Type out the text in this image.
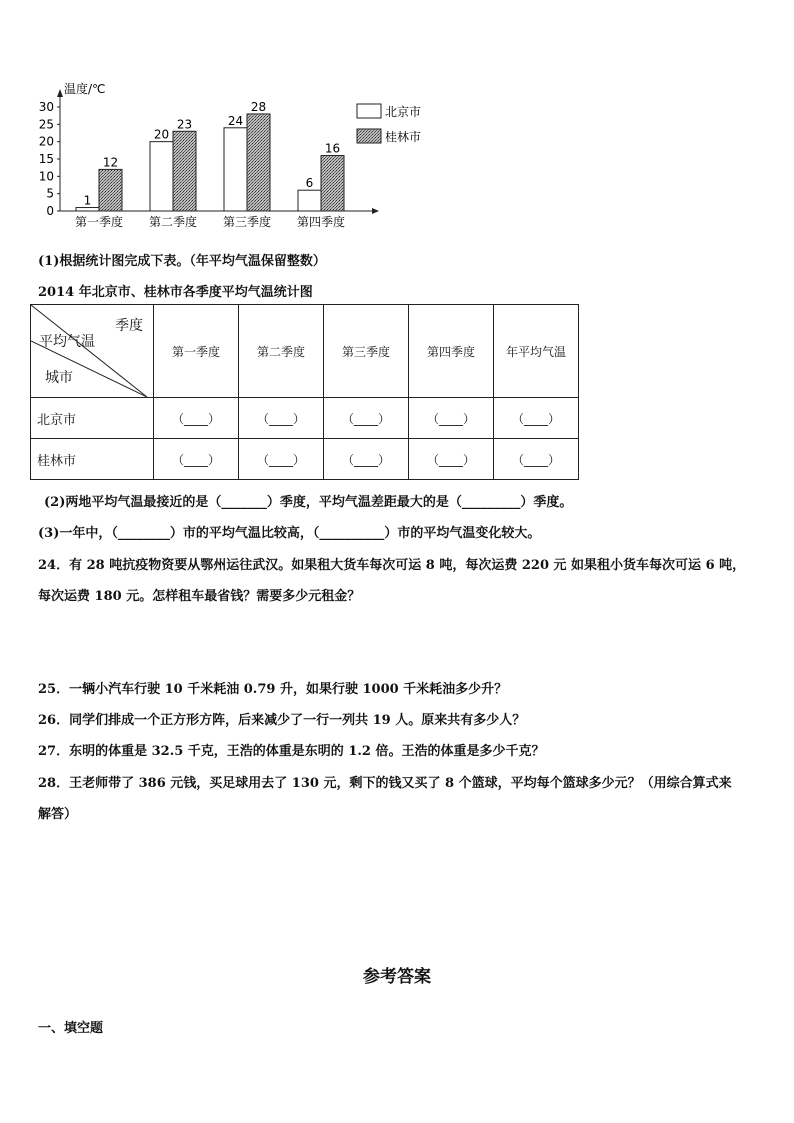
温度/℃
0
5
10
15
20
25
30
1
12
第一季度
20
23
第二季度
24
28
第三季度
6
16
第四季度
北京市
桂林市
(1)根据统计图完成下表。（年平均气温保留整数）
2014 年北京市、桂林市各季度平均气温统计图
季度
平均气温
城市	第一季度	第二季度	第三季度	第四季度	年平均气温
北京市	（____）	（____）	（____）	（____）	（____）
桂林市	（____）	（____）	（____）	（____）	（____）
(2)两地平均气温最接近的是（_______）季度，平均气温差距最大的是（_________）季度。
(3)一年中，（________）市的平均气温比较高，（__________）市的平均气温变化较大。
24．有 28 吨抗疫物资要从鄂州运往武汉。如果租大货车每次可运 8 吨，每次运费 220 元 如果租小货车每次可运 6 吨，
每次运费 180 元。怎样租车最省钱？需要多少元租金？
25．一辆小汽车行驶 10 千米耗油 0.79 升，如果行驶 1000 千米耗油多少升？
26．同学们排成一个正方形方阵，后来减少了一行一列共 19 人。原来共有多少人？
27．东明的体重是 32.5 千克，王浩的体重是东明的 1.2 倍。王浩的体重是多少千克？
28．王老师带了 386 元钱，买足球用去了 130 元，剩下的钱又买了 8 个篮球，平均每个篮球多少元？（用综合算式来
解答）
参考答案
一、填空题
